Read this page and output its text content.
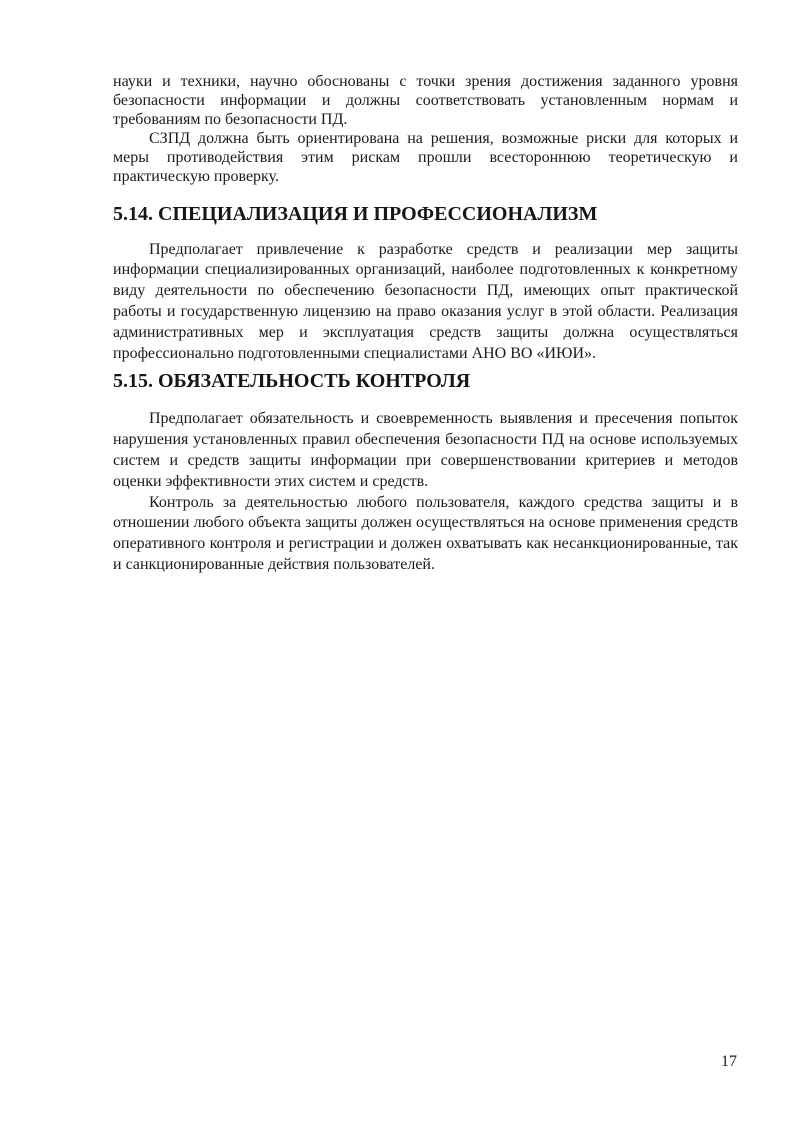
науки и техники, научно обоснованы с точки зрения достижения заданного уровня безопасности информации и должны соответствовать установленным нормам и требованиям по безопасности ПД.

СЗПД должна быть ориентирована на решения, возможные риски для которых и меры противодействия этим рискам прошли всестороннюю теоретическую и практическую проверку.

5.14. СПЕЦИАЛИЗАЦИЯ И ПРОФЕССИОНАЛИЗМ

Предполагает привлечение к разработке средств и реализации мер защиты информации специализированных организаций, наиболее подготовленных к конкретному виду деятельности по обеспечению безопасности ПД, имеющих опыт практической работы и государственную лицензию на право оказания услуг в этой области. Реализация административных мер и эксплуатация средств защиты должна осуществляться профессионально подготовленными специалистами АНО ВО «ИЮИ».

5.15. ОБЯЗАТЕЛЬНОСТЬ КОНТРОЛЯ

Предполагает обязательность и своевременность выявления и пресечения попыток нарушения установленных правил обеспечения безопасности ПД на основе используемых систем и средств защиты информации при совершенствовании критериев и методов оценки эффективности этих систем и средств.

Контроль за деятельностью любого пользователя, каждого средства защиты и в отношении любого объекта защиты должен осуществляться на основе применения средств оперативного контроля и регистрации и должен охватывать как несанкционированные, так и санкционированные действия пользователей.

17
